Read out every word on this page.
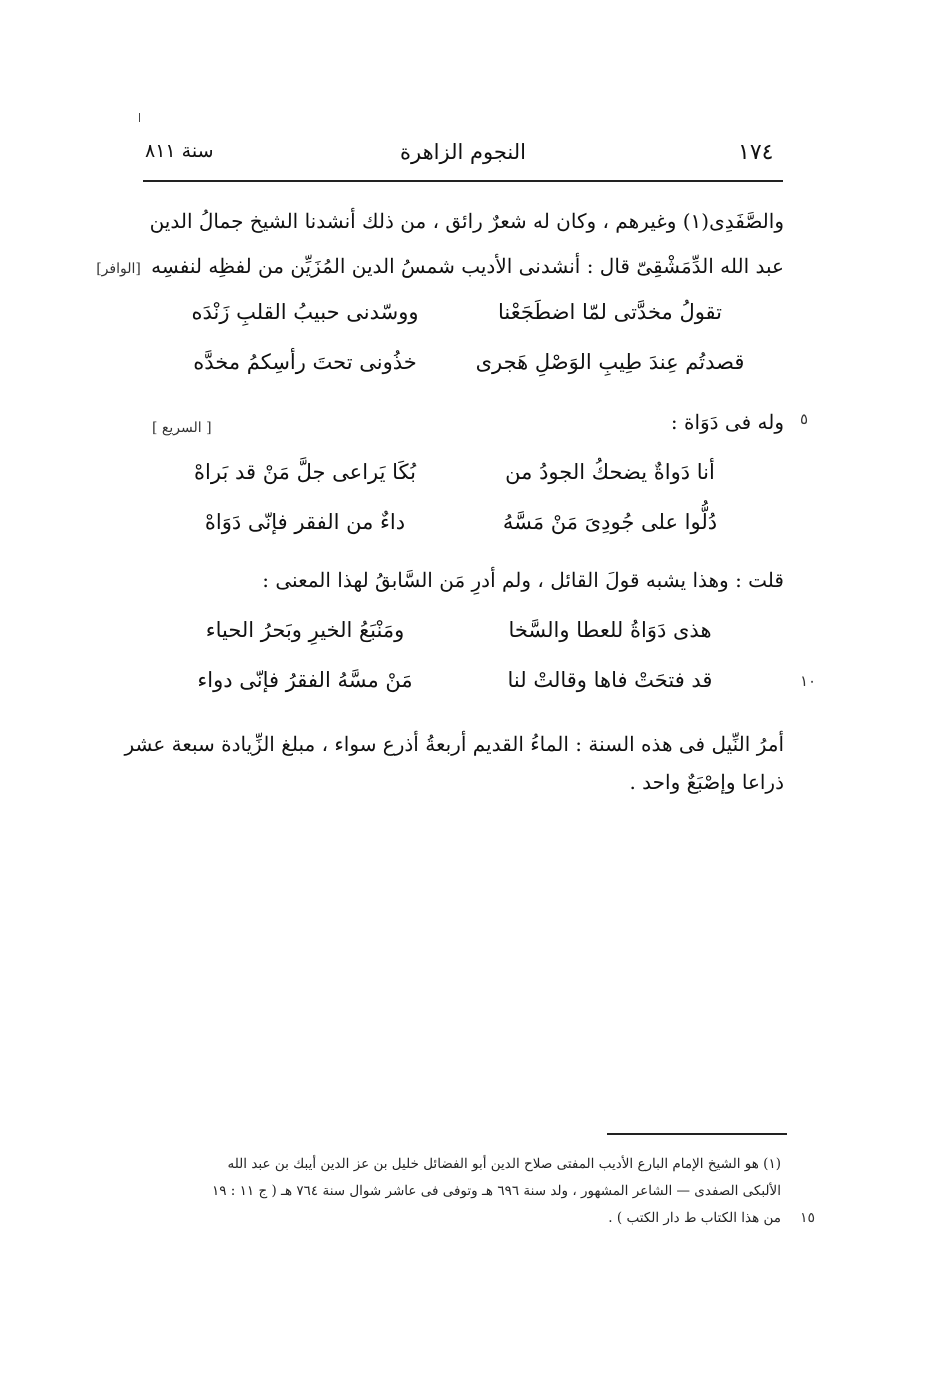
١٧٤
النجوم الزاهرة
سنة ٨١١
والصَّفَدِى(١) وغيرهم ، وكان له شعرٌ رائق ، من ذلك أنشدنا الشيخ جمالُ الدين
عبد الله الدِّمَشْقِىّ قال : أنشدنى الأديب شمسُ الدين المُزَيِّن من لفظِه لنفسِه [الوافر]
تقولُ مخدَّتى لمّا اضطَجَعْنا
ووسّدنى حبيبُ القلبِ زَنْدَه
قصدتُم عِندَ طِيبِ الوَصْلِ هَجرى
خذُونى تحتَ رأسِكمُ مخدَّه
٥
وله فى دَوَاة :
[ السريع ]
أنا دَواةٌ يضحكُ الجودُ من
بُكَا يَراعى جلَّ مَنْ قد بَراهْ
دُلُّوا على جُودِىَ مَنْ مَسَّهُ
داءٌ من الفقر فإنّى دَوَاهْ
قلت : وهذا يشبه قولَ القائل ، ولم أدرِ مَن السَّابقُ لهذا المعنى :
هذى دَوَاةُ للعطا والسَّخا
ومَنْبَعُ الخيرِ وبَحرُ الحياء
١٠
قد فتحَتْ فاها وقالتْ لنا
مَنْ مسَّهُ الفقرُ فإنّى دواء
أمرُ النِّيل فى هذه السنة : الماءُ القديم أربعةُ أذرع سواء ، مبلغ الزِّيادة سبعة عشر
ذراعا وإصْبَعٌ واحد .
(١) هو الشيخ الإمام البارع الأديب المفتى صلاح الدين أبو الفضائل خليل بن عز الدين أيبك بن عبد الله
الألبكى الصفدى — الشاعر المشهور ، ولد سنة ٦٩٦ هـ وتوفى فى عاشر شوال سنة ٧٦٤ هـ ( ج ١١ : ١٩
من هذا الكتاب ط دار الكتب ) . ١٥
